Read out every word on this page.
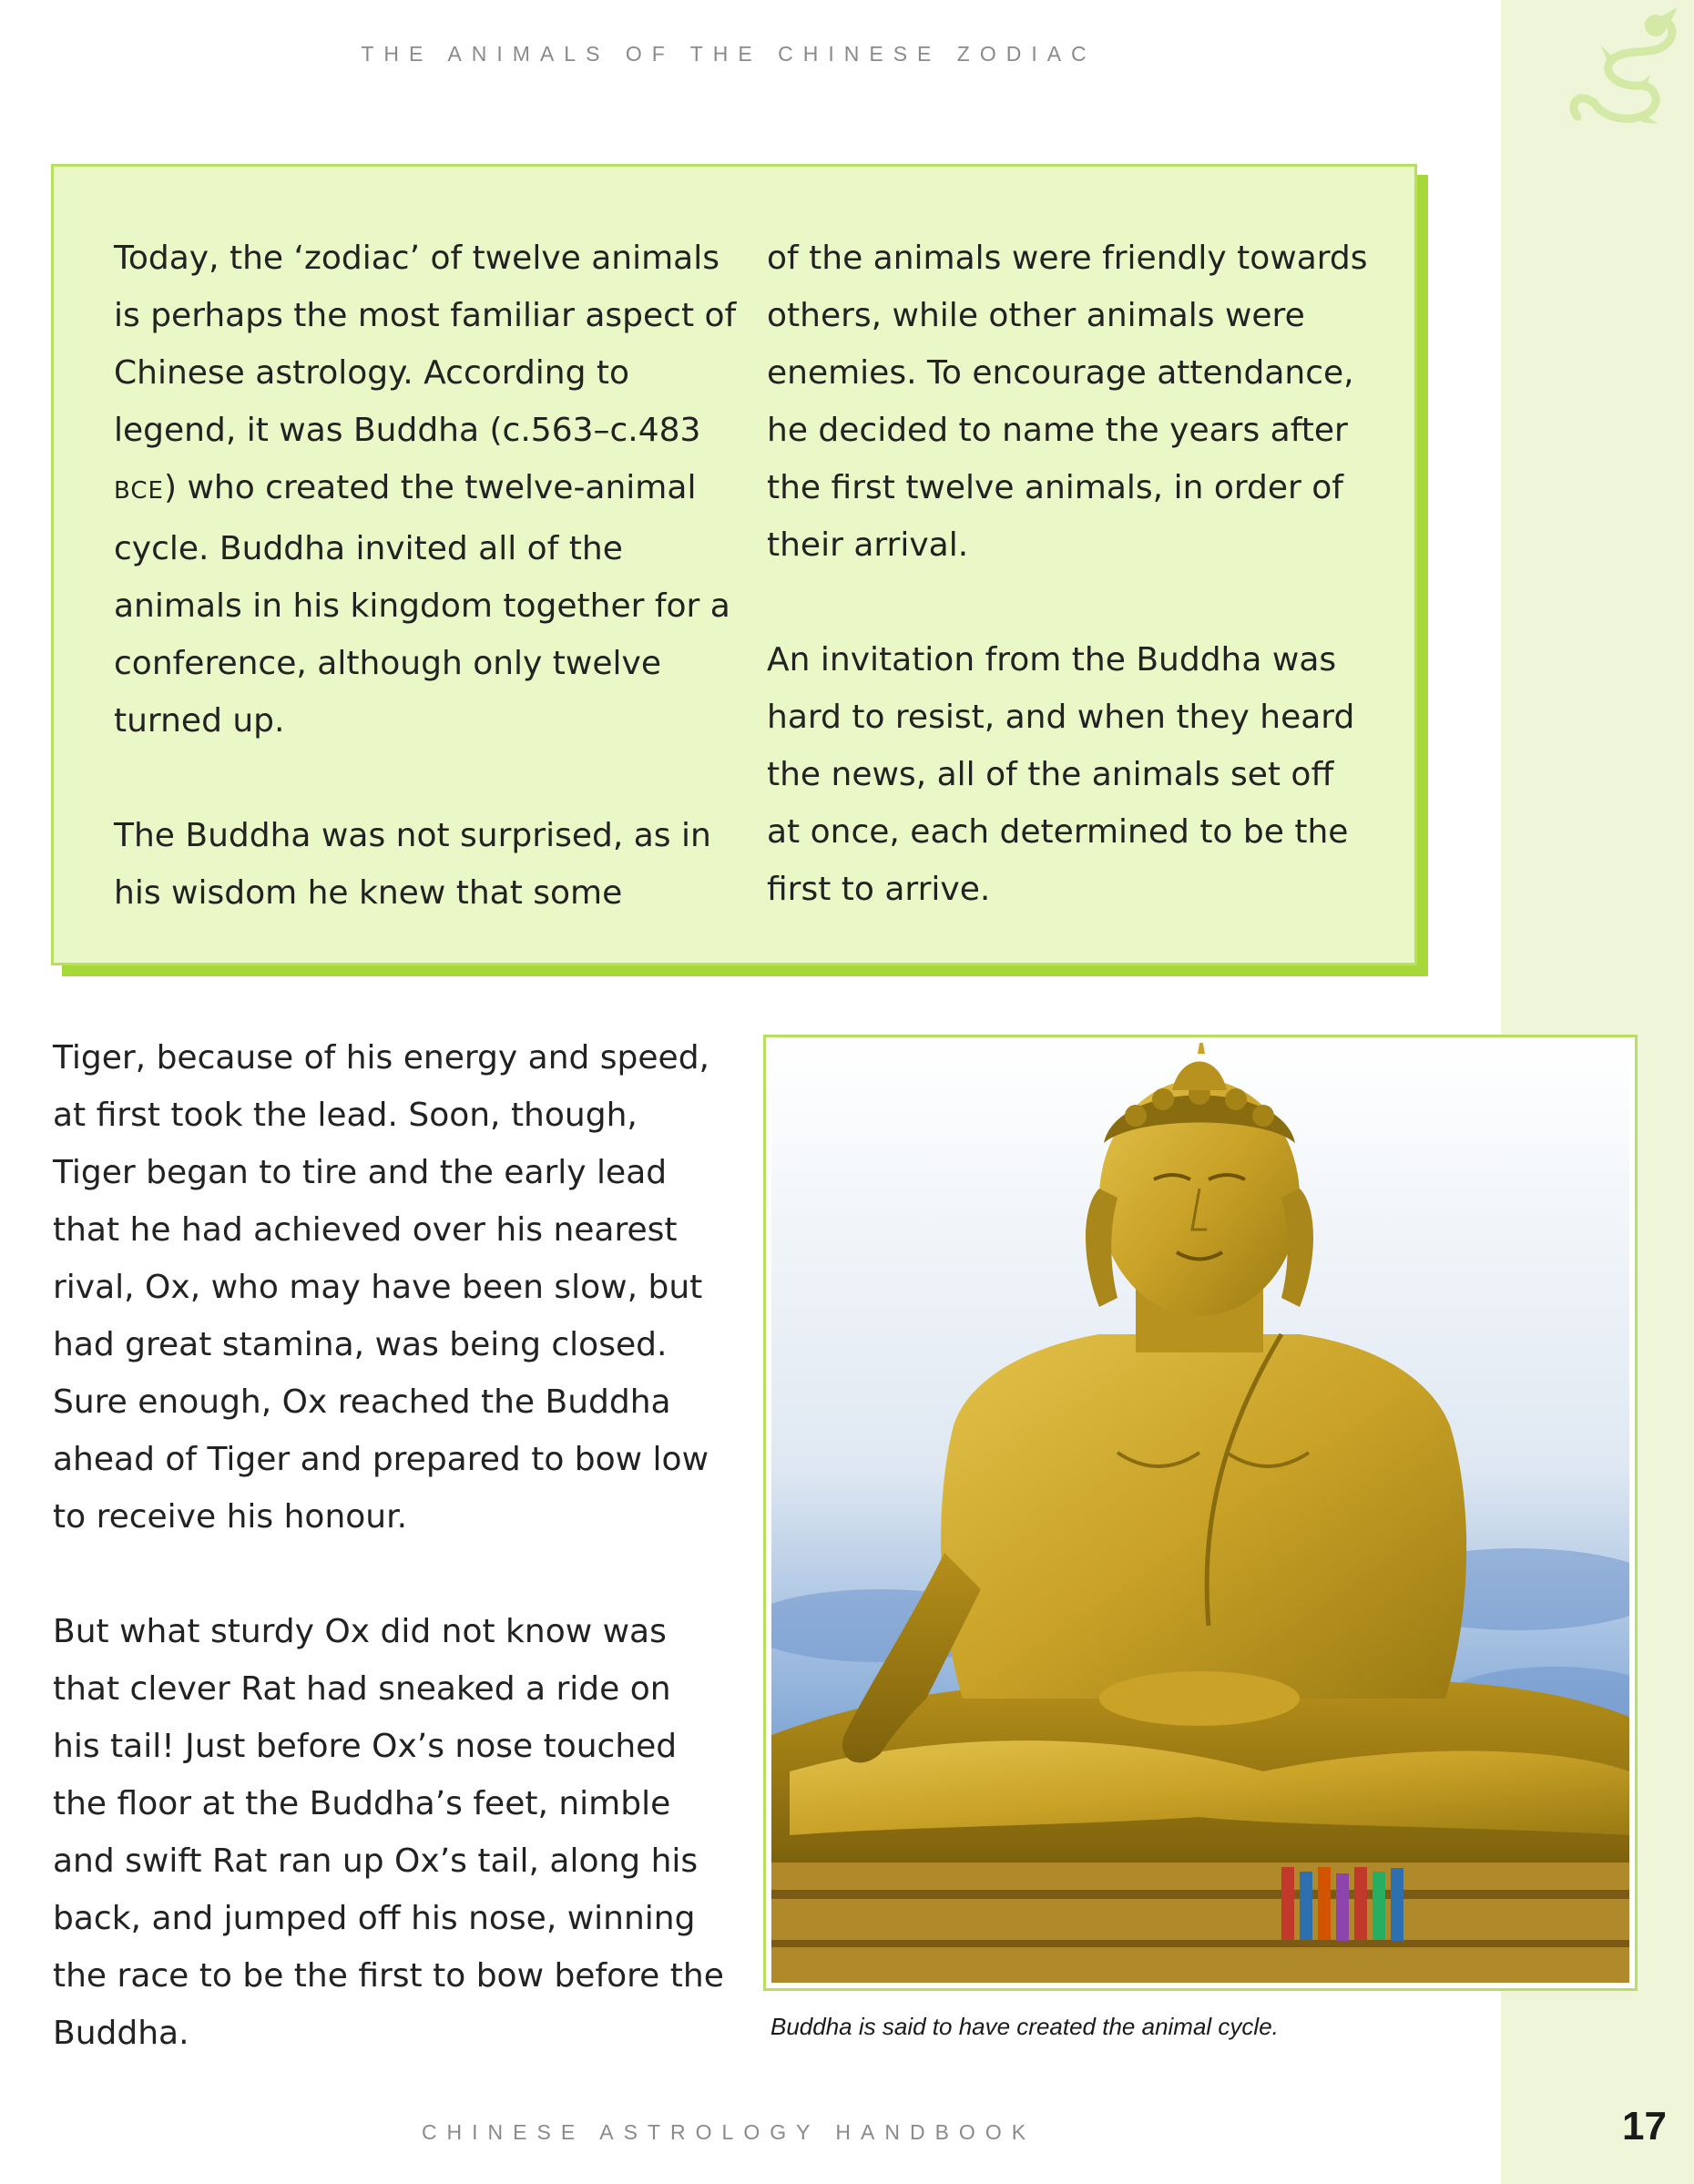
THE ANIMALS OF THE CHINESE ZODIAC

Today, the ‘zodiac’ of twelve animals is perhaps the most familiar aspect of Chinese astrology. According to legend, it was Buddha (c.563–c.483 BCE) who created the twelve-animal cycle. Buddha invited all of the animals in his kingdom together for a conference, although only twelve turned up.

The Buddha was not surprised, as in his wisdom he knew that some

of the animals were friendly towards others, while other animals were enemies. To encourage attendance, he decided to name the years after the first twelve animals, in order of their arrival.

An invitation from the Buddha was hard to resist, and when they heard the news, all of the animals set off at once, each determined to be the first to arrive.

Tiger, because of his energy and speed, at first took the lead. Soon, though, Tiger began to tire and the early lead that he had achieved over his nearest rival, Ox, who may have been slow, but had great stamina, was being closed. Sure enough, Ox reached the Buddha ahead of Tiger and prepared to bow low to receive his honour.

But what sturdy Ox did not know was that clever Rat had sneaked a ride on his tail! Just before Ox’s nose touched the floor at the Buddha’s feet, nimble and swift Rat ran up Ox’s tail, along his back, and jumped off his nose, winning the race to be the first to bow before the Buddha.	Buddha is said to have created the animal cycle.
CHINESE ASTROLOGY HANDBOOK	17
